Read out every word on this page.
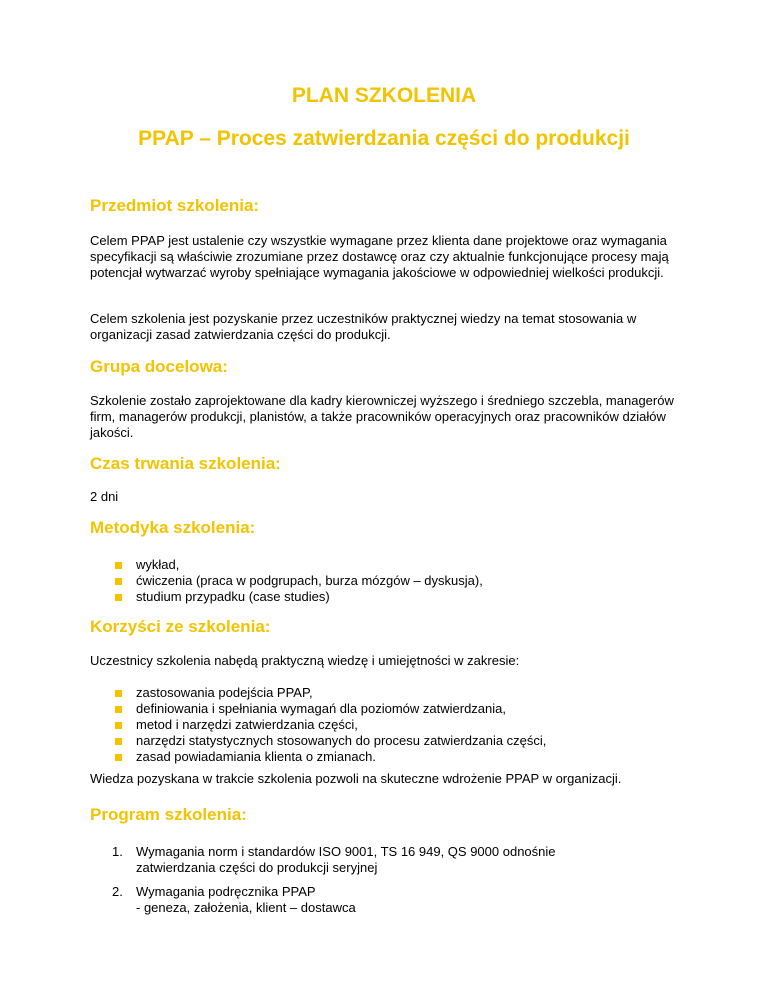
PLAN SZKOLENIA
PPAP – Proces zatwierdzania części do produkcji
Przedmiot szkolenia:

Celem PPAP jest ustalenie czy wszystkie wymagane przez klienta dane projektowe oraz wymagania specyfikacji są właściwie zrozumiane przez dostawcę oraz czy aktualnie funkcjonujące procesy mają potencjał wytwarzać wyroby spełniające wymagania jakościowe w odpowiedniej wielkości produkcji.

Celem szkolenia jest pozyskanie przez uczestników praktycznej wiedzy na temat stosowania w organizacji zasad zatwierdzania części do produkcji.

Grupa docelowa:

Szkolenie zostało zaprojektowane dla kadry kierowniczej wyższego i średniego szczebla, managerów firm, managerów produkcji, planistów, a także pracowników operacyjnych oraz pracowników działów jakości.

Czas trwania szkolenia:

2 dni

Metodyka szkolenia:
wykład,
ćwiczenia (praca w podgrupach, burza mózgów – dyskusja),
studium przypadku (case studies)
Korzyści ze szkolenia:

Uczestnicy szkolenia nabędą praktyczną wiedzę i umiejętności w zakresie:

zastosowania podejścia PPAP,
definiowania i spełniania wymagań dla poziomów zatwierdzania,
metod i narzędzi zatwierdzania części,
narzędzi statystycznych stosowanych do procesu zatwierdzania części,
zasad powiadamiania klienta o zmianach.

Wiedza pozyskana w trakcie szkolenia pozwoli na skuteczne wdrożenie PPAP w organizacji.

Program szkolenia:
1. Wymagania norm i standardów ISO 9001, TS 16 949, QS 9000 odnośnie
zatwierdzania części do produkcji seryjnej
2. Wymagania podręcznika PPAP
- geneza, założenia, klient – dostawca
